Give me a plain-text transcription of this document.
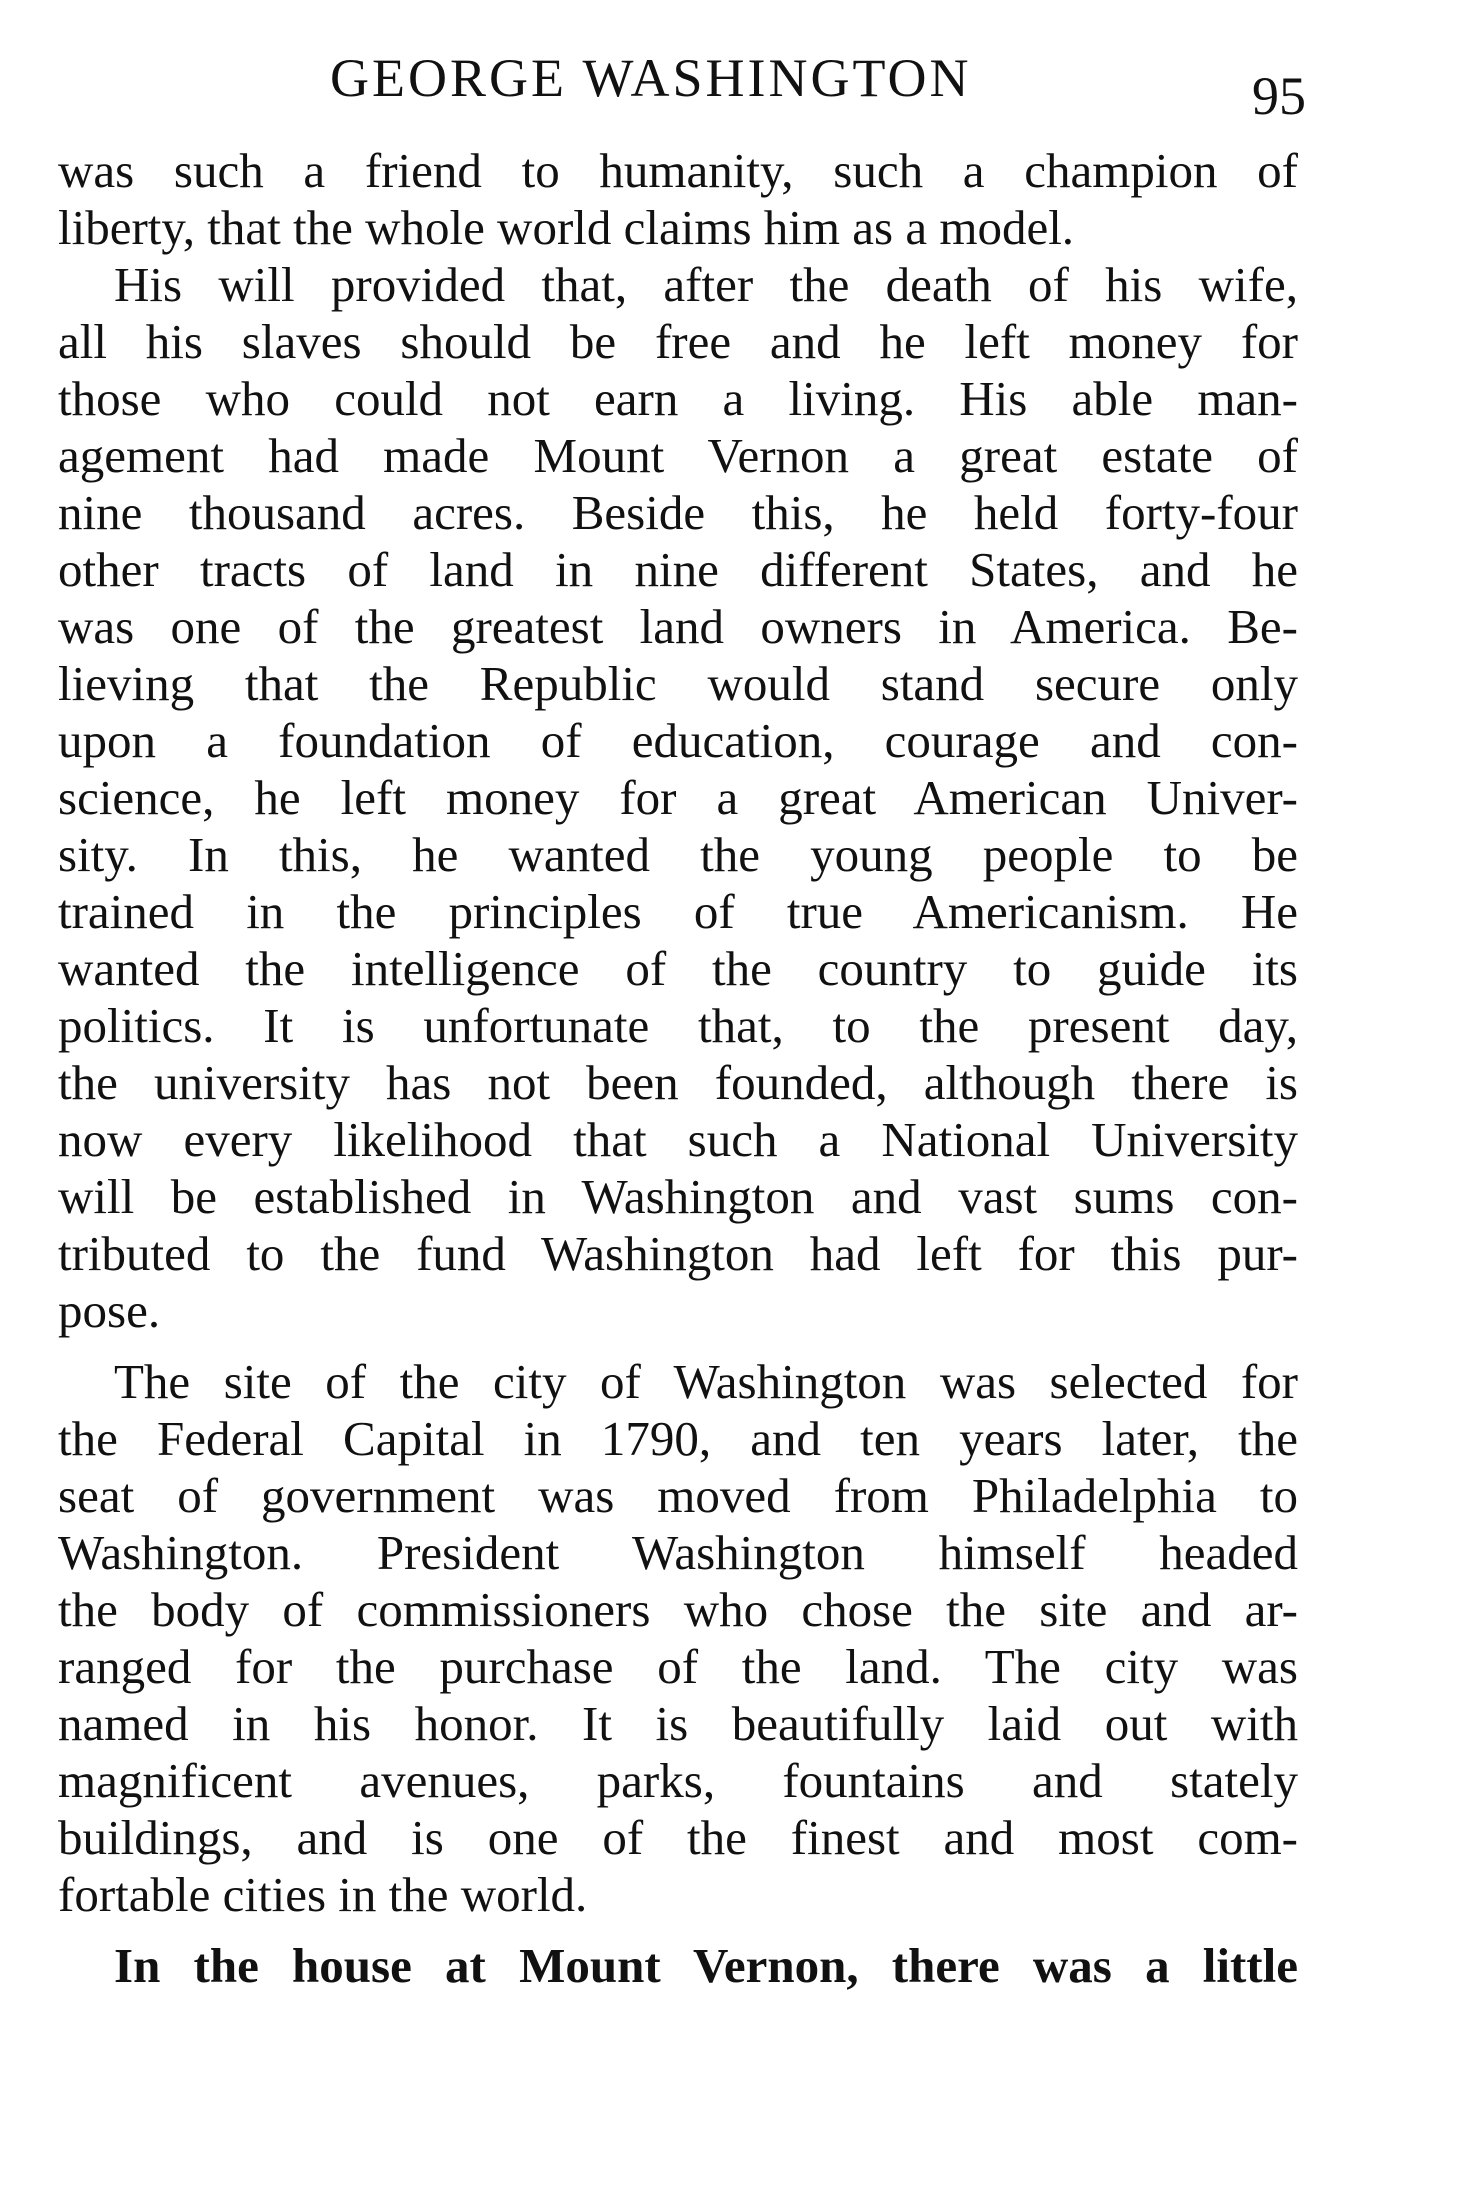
GEORGE WASHINGTON	95
was such a friend to humanity, such a champion of
liberty, that the whole world claims him as a model.
His will provided that, after the death of his wife,
all his slaves should be free and he left money for
those who could not earn a living. His able man-
agement had made Mount Vernon a great estate of
nine thousand acres. Beside this, he held forty-four
other tracts of land in nine different States, and he
was one of the greatest land owners in America. Be-
lieving that the Republic would stand secure only
upon a foundation of education, courage and con-
science, he left money for a great American Univer-
sity. In this, he wanted the young people to be
trained in the principles of true Americanism. He
wanted the intelligence of the country to guide its
politics. It is unfortunate that, to the present day,
the university has not been founded, although there is
now every likelihood that such a National University
will be established in Washington and vast sums con-
tributed to the fund Washington had left for this pur-
pose.
The site of the city of Washington was selected for
the Federal Capital in 1790, and ten years later, the
seat of government was moved from Philadelphia to
Washington. President Washington himself headed
the body of commissioners who chose the site and ar-
ranged for the purchase of the land. The city was
named in his honor. It is beautifully laid out with
magnificent avenues, parks, fountains and stately
buildings, and is one of the finest and most com-
fortable cities in the world.
In the house at Mount Vernon, there was a little
